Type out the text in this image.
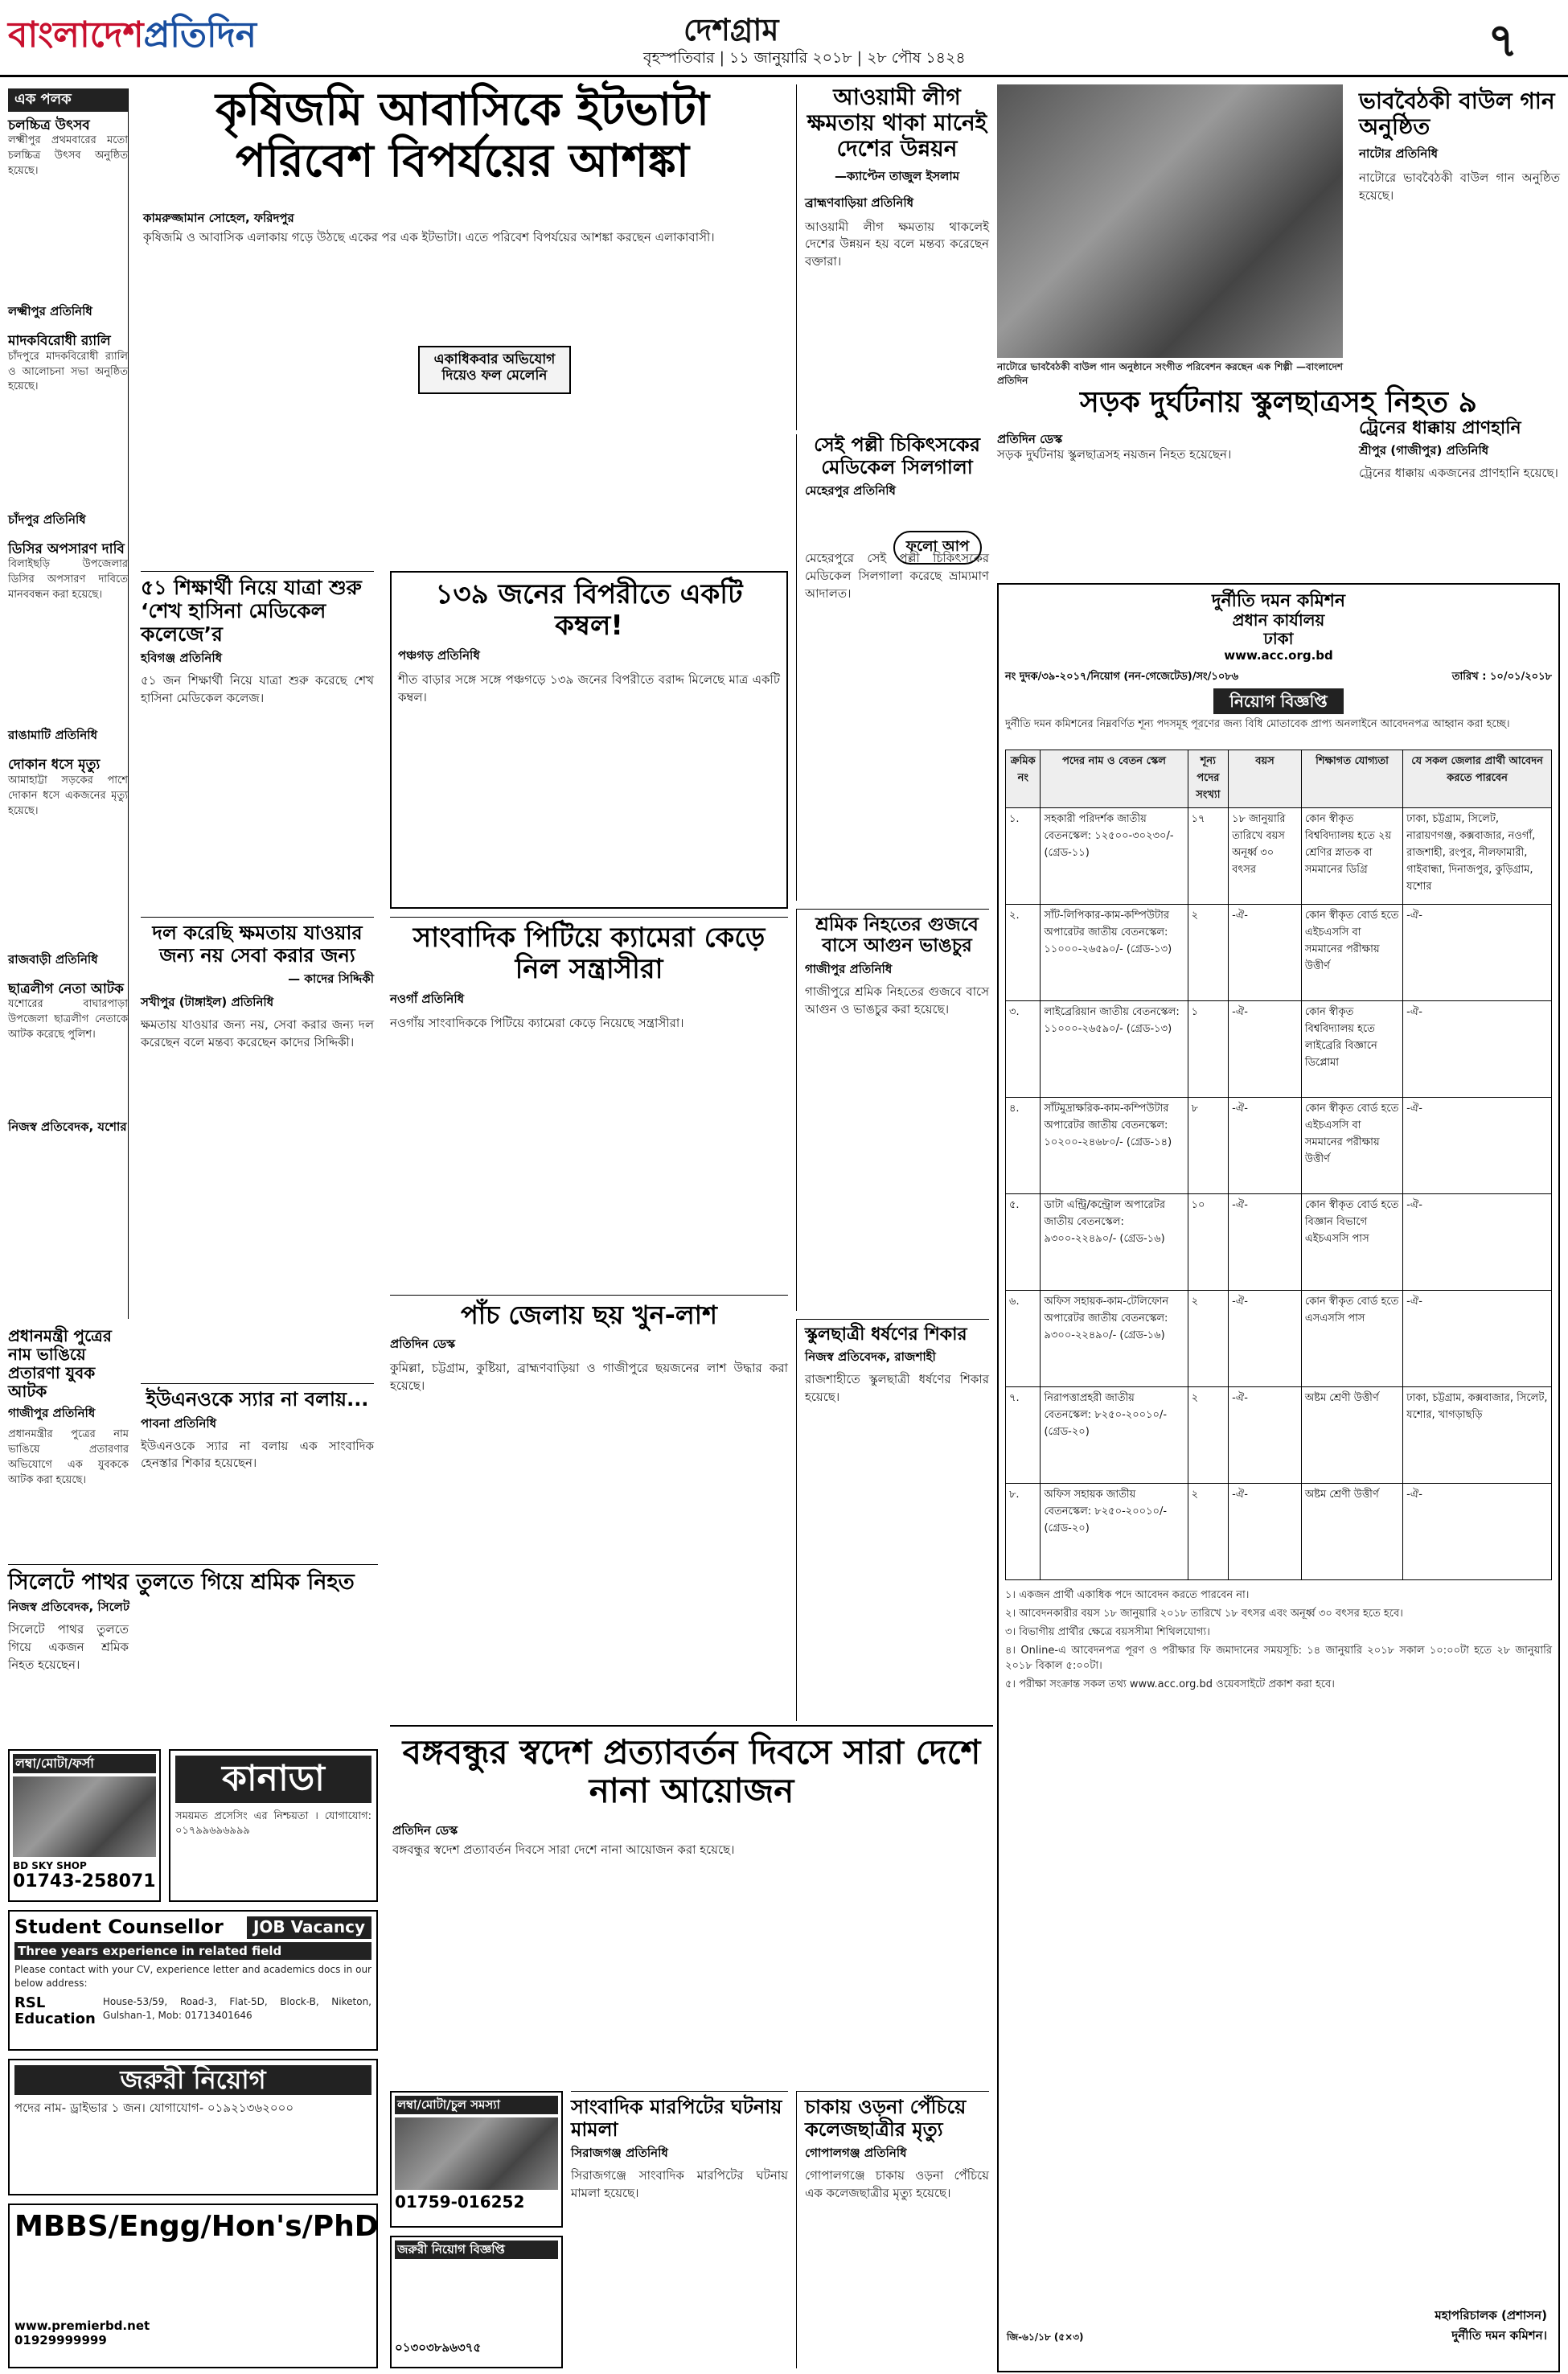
বাংলাদেশপ্রতিদিন	দেশগ্রাম
বৃহস্পতিবার | ১১ জানুয়ারি ২০১৮ | ২৮ পৌষ ১৪২৪	৭
এক পলক
চলচ্চিত্র উৎসব
লক্ষ্মীপুর প্রথমবারের মতো চলচ্চিত্র উৎসব অনুষ্ঠিত হয়েছে।
লক্ষ্মীপুর প্রতিনিধি
মাদকবিরোধী র‍্যালি
চাঁদপুরে মাদকবিরোধী র‍্যালি ও আলোচনা সভা অনুষ্ঠিত হয়েছে।
চাঁদপুর প্রতিনিধি
ডিসির অপসারণ দাবি
বিলাইছড়ি উপজেলার ডিসির অপসারণ দাবিতে মানববন্ধন করা হয়েছে।
রাঙামাটি প্রতিনিধি
দোকান ধসে মৃত্যু
আমাহাট্টা সড়কের পাশে দোকান ধসে একজনের মৃত্যু হয়েছে।
রাজবাড়ী প্রতিনিধি
ছাত্রলীগ নেতা আটক
যশোরের বাঘারপাড়া উপজেলা ছাত্রলীগ নেতাকে আটক করেছে পুলিশ।
নিজস্ব প্রতিবেদক, যশোর
কৃষিজমি আবাসিকে ইটভাটা পরিবেশ বিপর্যয়ের আশঙ্কা
কামরুজ্জামান সোহেল, ফরিদপুর
কৃষিজমি ও আবাসিক এলাকায় গড়ে উঠছে একের পর এক ইটভাটা। এতে পরিবেশ বিপর্যয়ের আশঙ্কা করছেন এলাকাবাসী।
একাধিকবার অভিযোগ দিয়েও ফল মেলেনি
আওয়ামী লীগ ক্ষমতায় থাকা মানেই দেশের উন্নয়ন
—ক্যাপ্টেন তাজুল ইসলাম
ব্রাহ্মণবাড়িয়া প্রতিনিধি
আওয়ামী লীগ ক্ষমতায় থাকলেই দেশের উন্নয়ন হয় বলে মন্তব্য করেছেন বক্তারা।
নাটোরে ভাববৈঠকী বাউল গান অনুষ্ঠানে সংগীত পরিবেশন করছেন এক শিল্পী —বাংলাদেশ প্রতিদিন
ভাববৈঠকী বাউল গান অনুষ্ঠিত
নাটোর প্রতিনিধি
নাটোরে ভাববৈঠকী বাউল গান অনুষ্ঠিত হয়েছে।
সড়ক দুর্ঘটনায় স্কুলছাত্রসহ নিহত ৯
প্রতিদিন ডেস্ক
সড়ক দুর্ঘটনায় স্কুলছাত্রসহ নয়জন নিহত হয়েছেন।
ট্রেনের ধাক্কায় প্রাণহানি
শ্রীপুর (গাজীপুর) প্রতিনিধি
ট্রেনের ধাক্কায় একজনের প্রাণহানি হয়েছে।
৫১ শিক্ষার্থী নিয়ে যাত্রা শুরু ‘শেখ হাসিনা মেডিকেল কলেজে’র
হবিগঞ্জ প্রতিনিধি
৫১ জন শিক্ষার্থী নিয়ে যাত্রা শুরু করেছে শেখ হাসিনা মেডিকেল কলেজ।
১৩৯ জনের বিপরীতে একটি কম্বল!
পঞ্চগড় প্রতিনিধি
শীত বাড়ার সঙ্গে সঙ্গে পঞ্চগড়ে ১৩৯ জনের বিপরীতে বরাদ্দ মিলেছে মাত্র একটি কম্বল।
সেই পল্লী চিকিৎসকের মেডিকেল সিলগালা
মেহেরপুর প্রতিনিধি
ফলো আপ
মেহেরপুরে সেই পল্লী চিকিৎসকের মেডিকেল সিলগালা করেছে ভ্রাম্যমাণ আদালত।	দুর্নীতি দমন কমিশন
প্রধান কার্যালয়
ঢাকা
www.acc.org.bd
নং দুদক/৩৯-২০১৭/নিয়োগ (নন-গেজেটেড)/সং/১০৮৬	তারিখ : ১০/০১/২০১৮
নিয়োগ বিজ্ঞপ্তি
দুর্নীতি দমন কমিশনের নিম্নবর্ণিত শূন্য পদসমূহ পূরণের জন্য বিধি মোতাবেক প্রাপ্য অনলাইনে আবেদনপত্র আহ্বান করা হচ্ছে।
ক্রমিক নং	পদের নাম ও বেতন স্কেল	শূন্য পদের সংখ্যা	বয়স	শিক্ষাগত যোগ্যতা	যে সকল জেলার প্রার্থী আবেদন করতে পারবেন
১.	সহকারী পরিদর্শক জাতীয় বেতনস্কেল: ১২৫০০-৩০২৩০/- (গ্রেড-১১)	১৭	১৮ জানুয়ারি তারিখে বয়স অনূর্ধ্ব ৩০ বৎসর	কোন স্বীকৃত বিশ্ববিদ্যালয় হতে ২য় শ্রেণির স্নাতক বা সমমানের ডিগ্রি	ঢাকা, চট্টগ্রাম, সিলেট, নারায়ণগঞ্জ, কক্সবাজার, নওগাঁ, রাজশাহী, রংপুর, নীলফামারী, গাইবান্ধা, দিনাজপুর, কুড়িগ্রাম, যশোর
২.	সাঁট-লিপিকার-কাম-কম্পিউটার অপারেটর জাতীয় বেতনস্কেল: ১১০০০-২৬৫৯০/- (গ্রেড-১৩)	২	-ঐ-	কোন স্বীকৃত বোর্ড হতে এইচএসসি বা সমমানের পরীক্ষায় উত্তীর্ণ	-ঐ-
৩.	লাইব্রেরিয়ান জাতীয় বেতনস্কেল: ১১০০০-২৬৫৯০/- (গ্রেড-১৩)	১	-ঐ-	কোন স্বীকৃত বিশ্ববিদ্যালয় হতে লাইব্রেরি বিজ্ঞানে ডিপ্লোমা	-ঐ-
৪.	সাঁটমুদ্রাক্ষরিক-কাম-কম্পিউটার অপারেটর জাতীয় বেতনস্কেল: ১০২০০-২৪৬৮০/- (গ্রেড-১৪)	৮	-ঐ-	কোন স্বীকৃত বোর্ড হতে এইচএসসি বা সমমানের পরীক্ষায় উত্তীর্ণ	-ঐ-
৫.	ডাটা এন্ট্রি/কন্ট্রোল অপারেটর জাতীয় বেতনস্কেল: ৯৩০০-২২৪৯০/- (গ্রেড-১৬)	১০	-ঐ-	কোন স্বীকৃত বোর্ড হতে বিজ্ঞান বিভাগে এইচএসসি পাস	-ঐ-
৬.	অফিস সহায়ক-কাম-টেলিফোন অপারেটর জাতীয় বেতনস্কেল: ৯৩০০-২২৪৯০/- (গ্রেড-১৬)	২	-ঐ-	কোন স্বীকৃত বোর্ড হতে এসএসসি পাস	-ঐ-
৭.	নিরাপত্তাপ্রহরী জাতীয় বেতনস্কেল: ৮২৫০-২০০১০/- (গ্রেড-২০)	২	-ঐ-	অষ্টম শ্রেণী উত্তীর্ণ	ঢাকা, চট্টগ্রাম, কক্সবাজার, সিলেট, যশোর, খাগড়াছড়ি
৮.	অফিস সহায়ক জাতীয় বেতনস্কেল: ৮২৫০-২০০১০/- (গ্রেড-২০)	২	-ঐ-	অষ্টম শ্রেণী উত্তীর্ণ	-ঐ-
১। একজন প্রার্থী একাধিক পদে আবেদন করতে পারবেন না।
২। আবেদনকারীর বয়স ১৮ জানুয়ারি ২০১৮ তারিখে ১৮ বৎসর এবং অনূর্ধ্ব ৩০ বৎসর হতে হবে।
৩। বিভাগীয় প্রার্থীর ক্ষেত্রে বয়সসীমা শিথিলযোগ্য।
৪। Online-এ আবেদনপত্র পূরণ ও পরীক্ষার ফি জমাদানের সময়সূচি: ১৪ জানুয়ারি ২০১৮ সকাল ১০:০০টা হতে ২৮ জানুয়ারি ২০১৮ বিকাল ৫:০০টা।
৫। পরীক্ষা সংক্রান্ত সকল তথ্য www.acc.org.bd ওয়েবসাইটে প্রকাশ করা হবে।
মহাপরিচালক (প্রশাসন)
দুর্নীতি দমন কমিশন।
জি-৬১/১৮ (৫×৩)
দল করেছি ক্ষমতায় যাওয়ার জন্য নয় সেবা করার জন্য
— কাদের সিদ্দিকী
সখীপুর (টাঙ্গাইল) প্রতিনিধি
ক্ষমতায় যাওয়ার জন্য নয়, সেবা করার জন্য দল করেছেন বলে মন্তব্য করেছেন কাদের সিদ্দিকী।
সাংবাদিক পিটিয়ে ক্যামেরা কেড়ে নিল সন্ত্রাসীরা
নওগাঁ প্রতিনিধি
নওগাঁয় সাংবাদিককে পিটিয়ে ক্যামেরা কেড়ে নিয়েছে সন্ত্রাসীরা।
শ্রমিক নিহতের গুজবে বাসে আগুন ভাঙচুর
গাজীপুর প্রতিনিধি
গাজীপুরে শ্রমিক নিহতের গুজবে বাসে আগুন ও ভাঙচুর করা হয়েছে।
প্রধানমন্ত্রী পুত্রের নাম ভাঙিয়ে প্রতারণা যুবক আটক
গাজীপুর প্রতিনিধি
প্রধানমন্ত্রীর পুত্রের নাম ভাঙিয়ে প্রতারণার অভিযোগে এক যুবককে আটক করা হয়েছে।
পাঁচ জেলায় ছয় খুন-লাশ
প্রতিদিন ডেস্ক
কুমিল্লা, চট্টগ্রাম, কুষ্টিয়া, ব্রাহ্মণবাড়িয়া ও গাজীপুরে ছয়জনের লাশ উদ্ধার করা হয়েছে।
স্কুলছাত্রী ধর্ষণের শিকার
নিজস্ব প্রতিবেদক, রাজশাহী
রাজশাহীতে স্কুলছাত্রী ধর্ষণের শিকার হয়েছে।
ইউএনওকে স্যার না বলায়...
পাবনা প্রতিনিধি
ইউএনওকে স্যার না বলায় এক সাংবাদিক হেনস্তার শিকার হয়েছেন।
সিলেটে পাথর তুলতে গিয়ে শ্রমিক নিহত
নিজস্ব প্রতিবেদক, সিলেট
সিলেটে পাথর তুলতে গিয়ে একজন শ্রমিক নিহত হয়েছেন।
বঙ্গবন্ধুর স্বদেশ প্রত্যাবর্তন দিবসে সারা দেশে নানা আয়োজন
প্রতিদিন ডেস্ক
বঙ্গবন্ধুর স্বদেশ প্রত্যাবর্তন দিবসে সারা দেশে নানা আয়োজন করা হয়েছে।
সাংবাদিক মারপিটের ঘটনায় মামলা
সিরাজগঞ্জ প্রতিনিধি
সিরাজগঞ্জে সাংবাদিক মারপিটের ঘটনায় মামলা হয়েছে।
চাকায় ওড়না পেঁচিয়ে কলেজছাত্রীর মৃত্যু
গোপালগঞ্জ প্রতিনিধি
গোপালগঞ্জে চাকায় ওড়না পেঁচিয়ে এক কলেজছাত্রীর মৃত্যু হয়েছে।
লম্বা/মোটা/ফর্সা
BD SKY SHOP
01743-258071
কানাডা
সময়মত প্রসেসিং এর নিশ্চয়তা । যোগাযোগ: ০১৭৯৯৬৯৬৯৯৯
Student Counsellor	JOB Vacancy
Three years experience in related field
Please contact with your CV, experience letter and academics docs in our below address:
RSL Education
House-53/59, Road-3, Flat-5D, Block-B, Niketon, Gulshan-1, Mob: 01713401646
জরুরী নিয়োগ
পদের নাম- ড্রাইভার ১ জন। যোগাযোগ- ০১৯২১৩৬২০০০
MBBS/Engg/Hon's/PhD
www.premierbd.net
01929999999
লম্বা/মোটা/চুল সমস্যা
01759-016252
জরুরী নিয়োগ বিজ্ঞপ্তি
০১৩০৩৮৯৬৩৭৫
